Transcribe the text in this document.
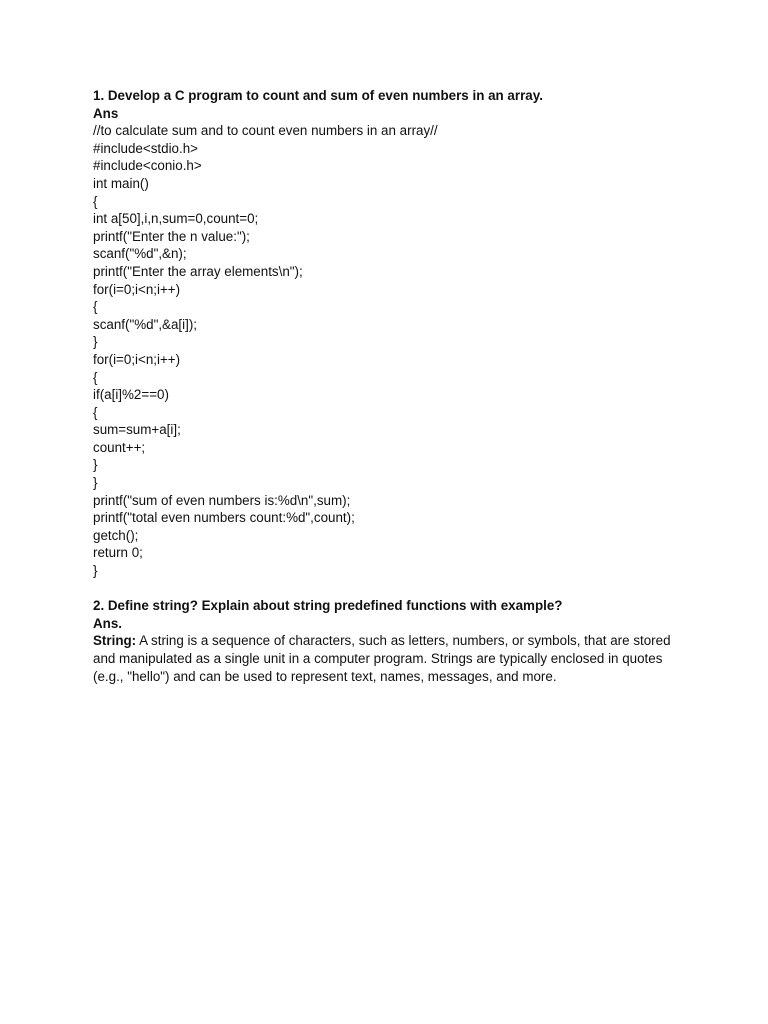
1. Develop a C program to count and sum of even numbers in an array.
Ans
//to calculate sum and to count even numbers in an array//
#include<stdio.h>
#include<conio.h>
int main()
{
int a[50],i,n,sum=0,count=0;
printf("Enter the n value:");
scanf("%d",&n);
printf("Enter the array elements\n");
for(i=0;i<n;i++)
{
scanf("%d",&a[i]);
}
for(i=0;i<n;i++)
{
if(a[i]%2==0)
{
sum=sum+a[i];
count++;
}
}
printf("sum of even numbers is:%d\n",sum);
printf("total even numbers count:%d",count);
getch();
return 0;
}
2. Define string? Explain about string predefined functions with example?
Ans.
String: A string is a sequence of characters, such as letters, numbers, or symbols, that are stored and manipulated as a single unit in a computer program. Strings are typically enclosed in quotes (e.g., "hello") and can be used to represent text, names, messages, and more.
